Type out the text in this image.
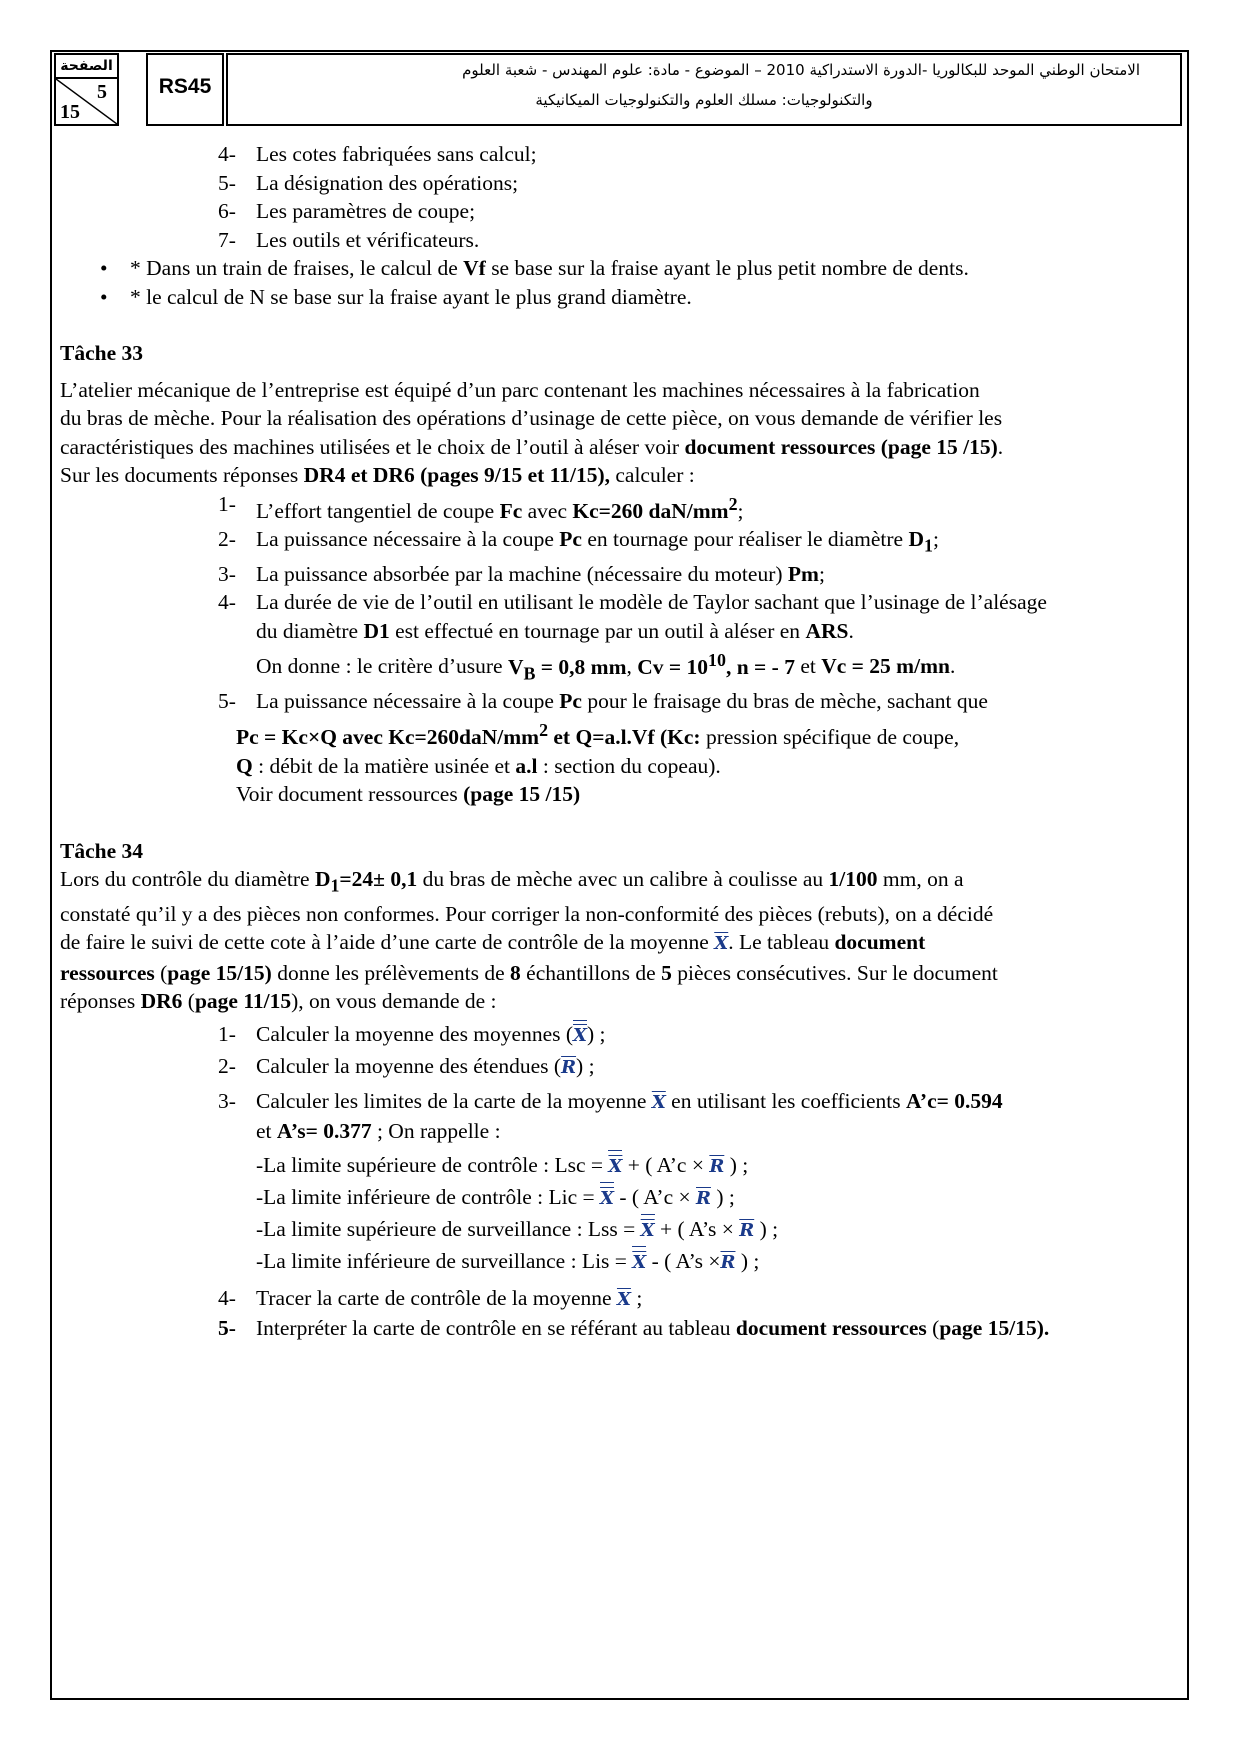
الصفحة
5
15
RS45
الامتحان الوطني الموحد للبكالوريا -الدورة الاستدراكية 2010 – الموضوع - مادة: علوم المهندس - شعبة العلوم
والتكنولوجيات: مسلك العلوم والتكنولوجيات الميكانيكية
4- Les cotes fabriquées sans calcul;
5- La désignation des opérations;
6- Les paramètres de coupe;
7- Les outils et vérificateurs.
•	* Dans un train de fraises, le calcul de Vf se base sur la fraise ayant le plus petit nombre de dents.
•	* le calcul de N se base sur la fraise ayant le plus grand diamètre.

Tâche 33

L’atelier mécanique de l’entreprise est équipé d’un parc contenant les machines nécessaires à la fabrication
du bras de mèche. Pour la réalisation des opérations d’usinage de cette pièce, on vous demande de vérifier les
caractéristiques des machines utilisées et le choix de l’outil à aléser voir document ressources (page 15 /15).
Sur les documents réponses DR4 et DR6 (pages 9/15 et 11/15), calculer :

1- L’effort tangentiel de coupe Fc avec Kc=260 daN/$mm^2$;
2- La puissance nécessaire à la coupe Pc en tournage pour réaliser le diamètre $D_1$;
3- La puissance absorbée par la machine (nécessaire du moteur) Pm;
4- La durée de vie de l’outil en utilisant le modèle de Taylor sachant que l’usinage de l’alésage
du diamètre D1 est effectué en tournage par un outil à aléser en ARS.
On donne : le critère d’usure $V_B = 0,8$ mm, $Cv = 10^{10}$, n = - 7 et Vc = 25 m/mn.
5- La puissance nécessaire à la coupe Pc pour le fraisage du bras de mèche, sachant que
Pc = Kc×Q avec $Kc=260daN/mm^2$ et Q=a.l.Vf (Kc: pression spécifique de coupe,
Q : débit de la matière usinée et a.l : section du copeau).
Voir document ressources (page 15 /15)

Tâche 34

Lors du contrôle du diamètre $D_1=24\pm 0,1$ du bras de mèche avec un calibre à coulisse au 1/100 mm, on a
constaté qu’il y a des pièces non conformes. Pour corriger la non-conformité des pièces (rebuts), on a décidé
de faire le suivi de cette cote à l’aide d’une carte de contrôle de la moyenne $\overline{X}$. Le tableau document
ressources (page 15/15) donne les prélèvements de 8 échantillons de 5 pièces consécutives. Sur le document
réponses DR6 (page 11/15), on vous demande de :

1- Calculer la moyenne des moyennes $(\overline{X})$ ;
2- Calculer la moyenne des étendues $(\overline{R})$ ;
3- Calculer les limites de la carte de la moyenne $\overline{X}$ en utilisant les coefficients A’c= 0.594
et A’s= 0.377 ; On rappelle :
-La limite supérieure de contrôle : Lsc = $\overline{X}$ + ( A’c × $\overline{R}$ ) ;
-La limite inférieure de contrôle : Lic = $\overline{X}$ - ( A’c × $\overline{R}$ ) ;
-La limite supérieure de surveillance : Lss = $\overline{X}$ + ( A’s × $\overline{R}$ ) ;
-La limite inférieure de surveillance : Lis = $\overline{X}$ - ( A’s $\times\overline{R}$ ) ;
4- Tracer la carte de contrôle de la moyenne $\overline{X}$ ;
5- Interpréter la carte de contrôle en se référant au tableau document ressources (page 15/15).
